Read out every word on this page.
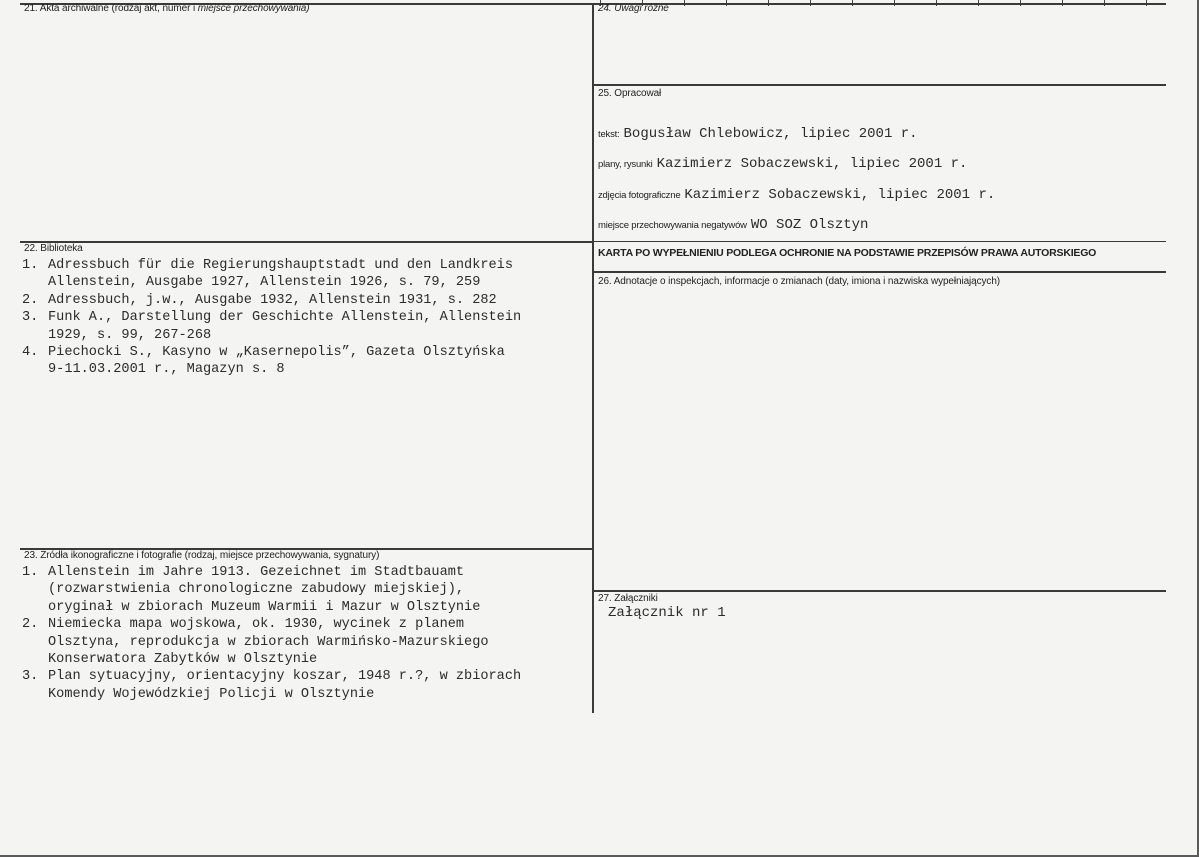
21. Akta archiwalne (rodzaj akt, numer i miejsce przechowywania)	24. Uwagi różne
25. Opracował
tekst: Bogusław Chlebowicz, lipiec 2001 r.
plany, rysunki Kazimierz Sobaczewski, lipiec 2001 r.
zdjęcia fotograficzne Kazimierz Sobaczewski, lipiec 2001 r.
miejsce przechowywania negatywów WO SOZ Olsztyn
KARTA PO WYPEŁNIENIU PODLEGA OCHRONIE NA PODSTAWIE PRZEPISÓW PRAWA AUTORSKIEGO
22. Biblioteka
1. Adressbuch für die Regierungshauptstadt und den Landkreis
Allenstein, Ausgabe 1927, Allenstein 1926, s. 79, 259
2. Adressbuch, j.w., Ausgabe 1932, Allenstein 1931, s. 282
3. Funk A., Darstellung der Geschichte Allenstein, Allenstein
1929, s. 99, 267-268
4. Piechocki S., Kasyno w „Kasernepolis”, Gazeta Olsztyńska
9-11.03.2001 r., Magazyn s. 8
26. Adnotacje o inspekcjach, informacje o zmianach (daty, imiona i nazwiska wypełniających)
23. Źródła ikonograficzne i fotografie (rodzaj, miejsce przechowywania, sygnatury)
1. Allenstein im Jahre 1913. Gezeichnet im Stadtbauamt
(rozwarstwienia chronologiczne zabudowy miejskiej),
oryginał w zbiorach Muzeum Warmii i Mazur w Olsztynie
2. Niemiecka mapa wojskowa, ok. 1930, wycinek z planem
Olsztyna, reprodukcja w zbiorach Warmińsko-Mazurskiego
Konserwatora Zabytków w Olsztynie
3. Plan sytuacyjny, orientacyjny koszar, 1948 r.?, w zbiorach
Komendy Wojewódzkiej Policji w Olsztynie
27. Załączniki
Załącznik nr 1
